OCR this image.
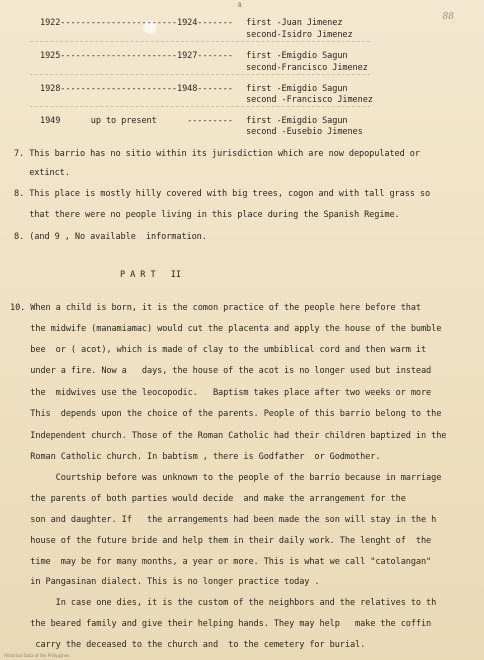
8
88
1922-----------------------1924------- first -Juan Jimenez
second-Isidro Jimenez
1925-----------------------1927------- first -Emigdio Sagun
second-Francisco Jimenez
1928-----------------------1948------- first -Emigdio Sagun
second -Francisco Jimenez
1949      up to present      --------- first -Emigdio Sagun
second -Eusebio Jimenes
7. This barrio has no sitio within its jurisdiction which are now depopulated or
extinct.
8. This place is mostly hilly covered with big trees, cogon and with tall grass so
that there were no people living in this place during the Spanish Regime.
8. (and 9 , No available  information.
P A R T   II
10. When a child is born, it is the comon practice of the people here before that
the midwife (manamiamac) would cut the placenta and apply the house of the bumble
bee  or ( acot), which is made of clay to the umbiblical cord and then warm it
under a fire. Now a   days, the house of the acot is no longer used but instead
the  midwives use the leocopodic.   Baptism takes place after two weeks or more
This  depends upon the choice of the parents. People of this barrio belong to the
Independent church. Those of the Roman Catholic had their children baptized in the
Roman Catholic church. In babtism , there is Godfather  or Godmother.
Courtship before was unknown to the people of the barrio because in marriage
the parents of both parties would decide  and make the arrangement for the
son and daughter. If   the arrangements had been made the son will stay in the h
house of the future bride and help them in their daily work. The lenght of  the
time  may be for many months, a year or more. This is what we call "catolangan"
in Pangasinan dialect. This is no longer practice today .
In case one dies, it is the custom of the neighbors and the relatives to th
the beared family and give their helping hands. They may help   make the coffin
carry the deceased to the church and  to the cemetery for burial.
Historical Data of the Philippines
